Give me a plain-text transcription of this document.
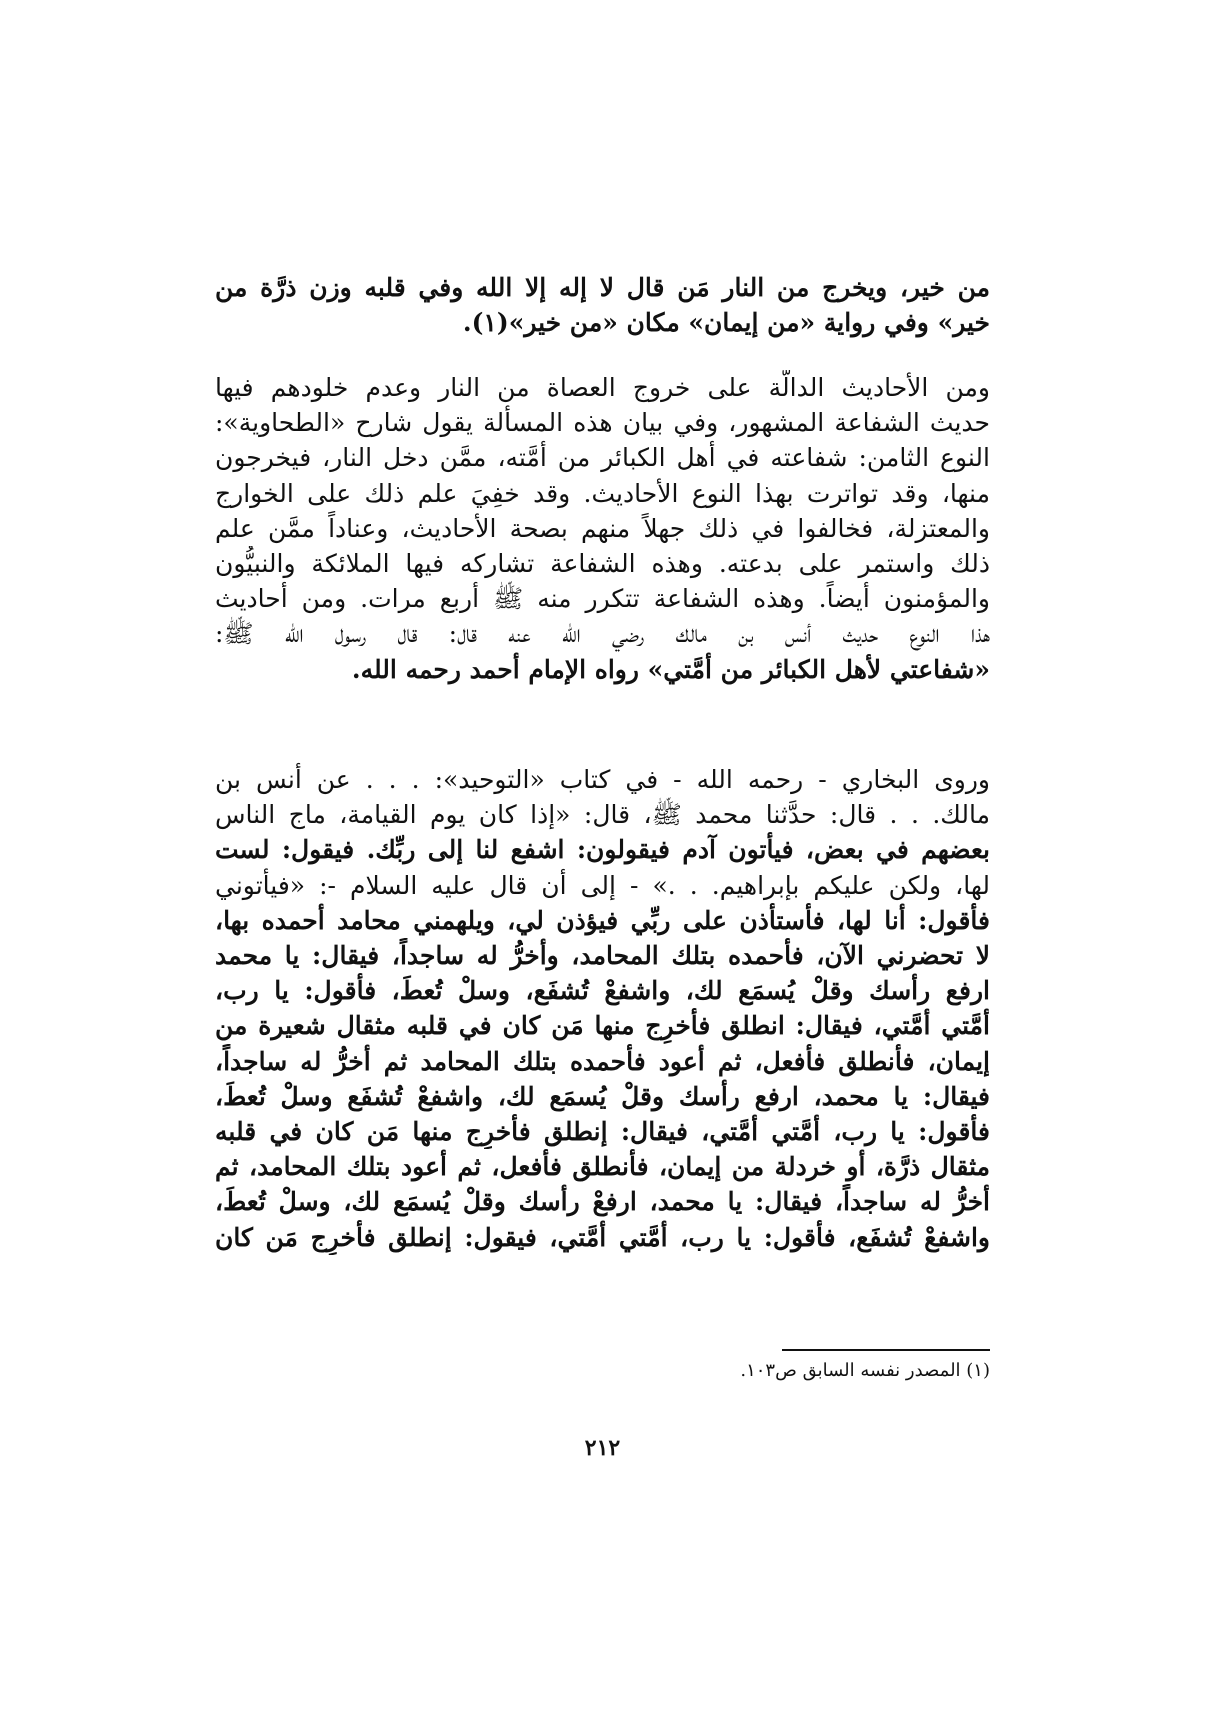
من خير، ويخرج من النار مَن قال لا إله إلا الله وفي قلبه وزن ذرَّة من
خير» وفي رواية «من إيمان» مكان «من خير»(١).
ومن الأحاديث الدالَّة على خروج العصاة من النار وعدم خلودهم فيها
حديث الشفاعة المشهور، وفي بيان هذه المسألة يقول شارح «الطحاوية»:
النوع الثامن: شفاعته في أهل الكبائر من أمَّته، ممَّن دخل النار، فيخرجون
منها، وقد تواترت بهذا النوع الأحاديث. وقد خفِيَ علم ذلك على الخوارج
والمعتزلة، فخالفوا في ذلك جهلاً منهم بصحة الأحاديث، وعناداً ممَّن علم
ذلك واستمر على بدعته. وهذه الشفاعة تشاركه فيها الملائكة والنبيُّون
والمؤمنون أيضاً. وهذه الشفاعة تتكرر منه ﷺ أربع مرات. ومن أحاديث
هذا النوع حديث أنس بن مالك رضي الله عنه قال: قال رسول الله ﷺ:
«شفاعتي لأهل الكبائر من أمَّتي» رواه الإمام أحمد رحمه الله.
وروى البخاري - رحمه الله - في كتاب «التوحيد»: . . . عن أنس بن
مالك. . . قال: حدَّثنا محمد ﷺ، قال: «إذا كان يوم القيامة، ماج الناس
بعضهم في بعض، فيأتون آدم فيقولون: اشفع لنا إلى ربِّك. فيقول: لست
لها، ولكن عليكم بإبراهيم. . .» - إلى أن قال عليه السلام -: «فيأتوني
فأقول: أنا لها، فأستأذن على ربِّي فيؤذن لي، ويلهمني محامد أحمده بها،
لا تحضرني الآن، فأحمده بتلك المحامد، وأخرُّ له ساجداً، فيقال: يا محمد
ارفع رأسك وقلْ يُسمَع لك، واشفعْ تُشفَع، وسلْ تُعطَ، فأقول: يا رب،
أمَّتي أمَّتي، فيقال: انطلق فأخرِج منها مَن كان في قلبه مثقال شعيرة من
إيمان، فأنطلق فأفعل، ثم أعود فأحمده بتلك المحامد ثم أخرُّ له ساجداً،
فيقال: يا محمد، ارفع رأسك وقلْ يُسمَع لك، واشفعْ تُشفَع وسلْ تُعطَ،
فأقول: يا رب، أمَّتي أمَّتي، فيقال: إنطلق فأَخرِج منها مَن كان في قلبه
مثقال ذرَّة، أو خردلة من إيمان، فأنطلق فأفعل، ثم أعود بتلك المحامد، ثم
أخرُّ له ساجداً، فيقال: يا محمد، ارفعْ رأسك وقلْ يُسمَع لك، وسلْ تُعطَ،
واشفعْ تُشفَع، فأقول: يا رب، أمَّتي أمَّتي، فيقول: إنطلق فأخرِج مَن كان
(١) المصدر نفسه السابق ص١٠٣.
٢١٢
